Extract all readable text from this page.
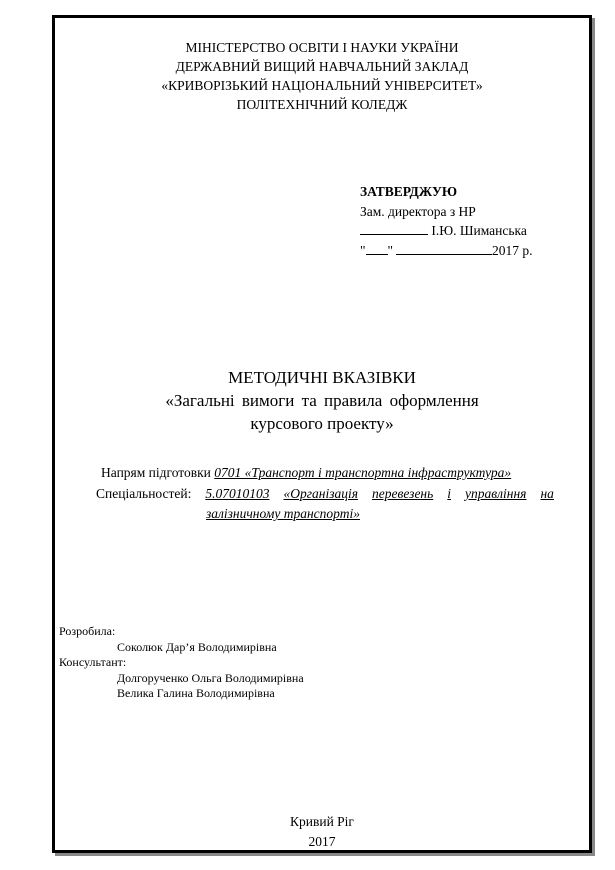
МІНІСТЕРСТВО ОСВІТИ І НАУКИ УКРАЇНИ
ДЕРЖАВНИЙ ВИЩИЙ НАВЧАЛЬНИЙ ЗАКЛАД
«КРИВОРІЗЬКИЙ НАЦІОНАЛЬНИЙ УНІВЕРСИТЕТ»
ПОЛІТЕХНІЧНИЙ КОЛЕДЖ
ЗАТВЕРДЖУЮ
Зам. директора з НР
І.Ю. Шиманська
" "	2017 р.
МЕТОДИЧНІ ВКАЗІВКИ
«Загальні вимоги та правила оформлення
курсового проекту»
Напрям підготовки 0701 «Транспорт і транспортна інфраструктура»
Спеціальностей: 5.07010103 «Організація перевезень і управління на
залізничному транспорті»
Розробила:
Соколюк Дар’я Володимирівна
Консультант:
Долгорученко Ольга Володимирівна
Велика Галина Володимирівна
Кривий Ріг
2017
